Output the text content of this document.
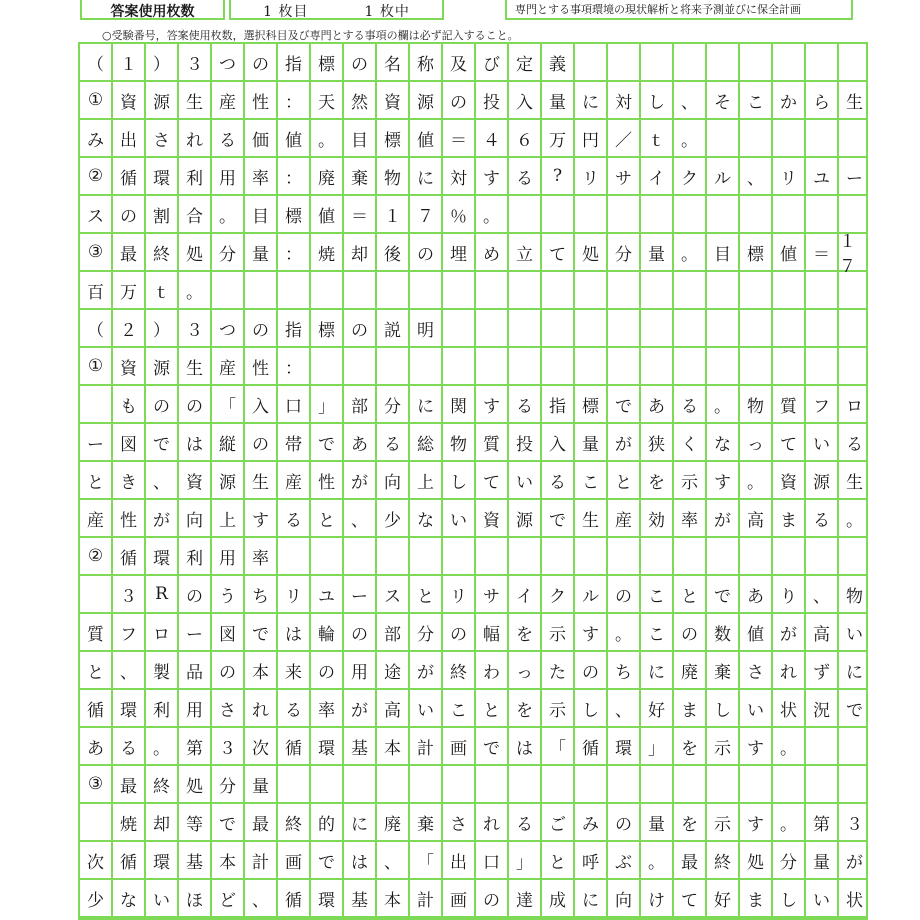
答案使用枚数	1 枚目	1 枚中	専門とする事項環境の現状解析と将来予測並びに保全計画
○受験番号，答案使用枚数，選択科目及び専門とする事項の欄は必ず記入すること。
（ １ ） ３ つ の 指 標 の 名 称 及 び 定 義
① 資 源 生 産 性 ： 天 然 資 源 の 投 入 量 に 対 し 、 そ こ か ら 生
み 出 さ れ る 価 値 。 目 標 値 ＝ ４ ６ 万 円 ／ ｔ 。
② 循 環 利 用 率 ： 廃 棄 物 に 対 す る	?	リ サ イ ク ル 、 リ ユ ー
ス の 割 合 。 目 標 値 ＝ １ ７ ％ 。
③ 最 終 処 分 量 ： 焼 却 後 の 埋 め 立 て 処 分 量 。 目 標 値 ＝
１７
百 万 ｔ 。
（ ２ ） ３ つ の 指 標 の 説 明
① 資 源 生 産 性 ：
も の の 「 入 口 」 部 分 に 関 す る 指 標 で あ る 。 物 質 フ ロ
ー 図 で は 縦 の 帯 で あ る 総 物 質 投 入 量 が 狭 く な っ て い る
と き 、 資 源 生 産 性 が 向 上 し て い る こ と を 示 す 。 資 源 生
産 性 が 向 上 す る と 、 少 な い 資 源 で 生 産 効 率 が 高 ま る 。
② 循 環 利 用 率
３	R	の う ち リ ユ ー ス と リ サ イ ク ル の こ と で あ り 、 物
質 フ ロ ー 図 で は 輪 の 部 分 の 幅 を 示 す 。 こ の 数 値 が 高 い
と 、 製 品 の 本 来 の 用 途 が 終 わ っ た の ち に 廃 棄 さ れ ず に
循 環 利 用 さ れ る 率 が 高 い こ と を 示 し 、 好 ま し い 状 況 で
あ る 。 第 ３ 次 循 環 基 本 計 画 で は 「 循 環 」 を 示 す 。
③ 最 終 処 分 量
焼 却 等 で 最 終 的 に 廃 棄 さ れ る ご み の 量 を 示 す 。 第 ３
次 循 環 基 本 計 画 で は 、 「 出 口 」 と 呼 ぶ 。 最 終 処 分 量 が
少 な い ほ ど 、 循 環 基 本 計 画 の 達 成 に 向 け て 好 ま し い 状
